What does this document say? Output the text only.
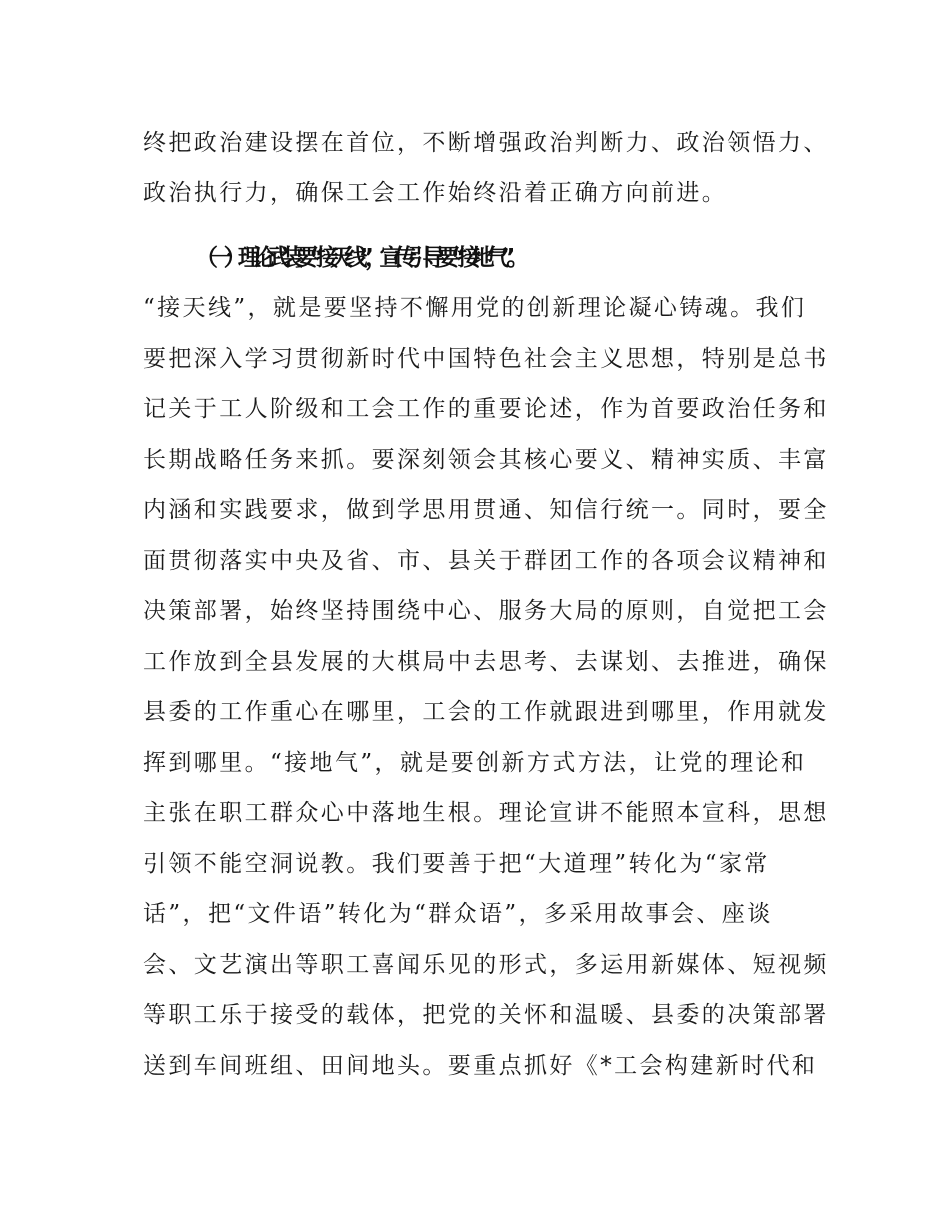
终把政治建设摆在首位，不断增强政治判断力、政治领悟力、
政治执行力，确保工会工作始终沿着正确方向前进。
（一）理论武装要“接天线”，宣传引导要“接地气”。
“接天线”，就是要坚持不懈用党的创新理论凝心铸魂。我们
要把深入学习贯彻新时代中国特色社会主义思想，特别是总书
记关于工人阶级和工会工作的重要论述，作为首要政治任务和
长期战略任务来抓。要深刻领会其核心要义、精神实质、丰富
内涵和实践要求，做到学思用贯通、知信行统一。同时，要全
面贯彻落实中央及省、市、县关于群团工作的各项会议精神和
决策部署，始终坚持围绕中心、服务大局的原则，自觉把工会
工作放到全县发展的大棋局中去思考、去谋划、去推进，确保
县委的工作重心在哪里，工会的工作就跟进到哪里，作用就发
挥到哪里。“接地气”，就是要创新方式方法，让党的理论和
主张在职工群众心中落地生根。理论宣讲不能照本宣科，思想
引领不能空洞说教。我们要善于把“大道理”转化为“家常
话”，把“文件语”转化为“群众语”，多采用故事会、座谈
会、文艺演出等职工喜闻乐见的形式，多运用新媒体、短视频
等职工乐于接受的载体，把党的关怀和温暖、县委的决策部署
送到车间班组、田间地头。要重点抓好《*工会构建新时代和
